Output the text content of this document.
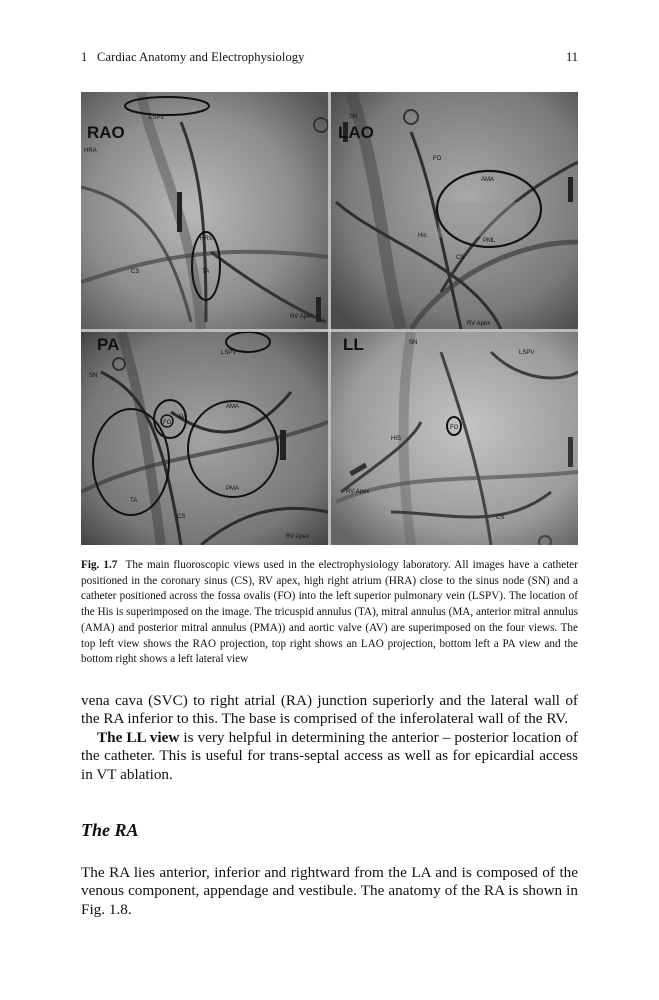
1   Cardiac Anatomy and Electrophysiology	11
RAO
LSPV
HRA
HRS
TA
CS
RV Apex
LAO
SN
FO
AMA
His
PML
CS
RV Apex
PA	LSPV
SN
FO
AV
AMA
TA
PMA
CS
RV Apex
LL	SN
LSPV
FO
HIS
RV Apex
CS
Fig. 1.7 The main fluoroscopic views used in the electrophysiology laboratory. All images have a catheter positioned in the coronary sinus (CS), RV apex, high right atrium (HRA) close to the sinus node (SN) and a catheter positioned across the fossa ovalis (FO) into the left superior pulmonary vein (LSPV). The location of the His is superimposed on the image. The tricuspid annulus (TA), mitral annulus (MA, anterior mitral annulus (AMA) and posterior mitral annulus (PMA)) and aortic valve (AV) are superimposed on the four views. The top left view shows the RAO projection, top right shows an LAO projection, bottom left a PA view and the bottom right shows a left lateral view
vena cava (SVC) to right atrial (RA) junction superiorly and the lateral wall of the RA inferior to this. The base is comprised of the inferolateral wall of the RV.
The LL view is very helpful in determining the anterior – posterior location of the catheter. This is useful for trans-septal access as well as for epicardial access in VT ablation.
The RA
The RA lies anterior, inferior and rightward from the LA and is composed of the venous component, appendage and vestibule. The anatomy of the RA is shown in Fig. 1.8.
